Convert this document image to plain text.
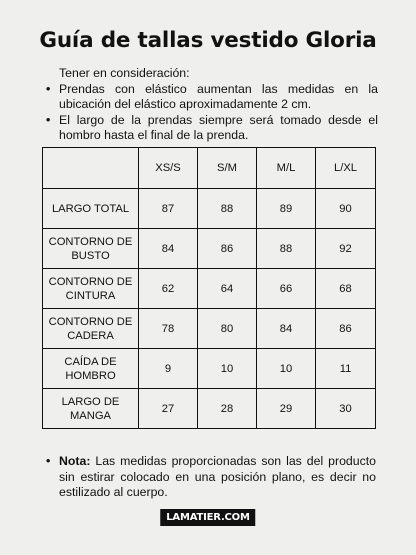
Guía de tallas vestido Gloria
Tener en consideración:
• Prendas con elástico aumentan las medidas en la ubicación del elástico aproximadamente 2 cm.
• El largo de la prendas siempre será tomado desde el hombro hasta el final de la prenda.
	XS/S	S/M	M/L	L/XL
LARGO TOTAL	87	88	89	90
CONTORNO DE BUSTO	84	86	88	92
CONTORNO DE CINTURA	62	64	66	68
CONTORNO DE CADERA	78	80	84	86
CAÍDA DE HOMBRO	9	10	10	11
LARGO DE MANGA	27	28	29	30
• Nota: Las medidas proporcionadas son las del producto sin estirar colocado en una posición plano, es decir no estilizado al cuerpo.
LAMATIER.COM
